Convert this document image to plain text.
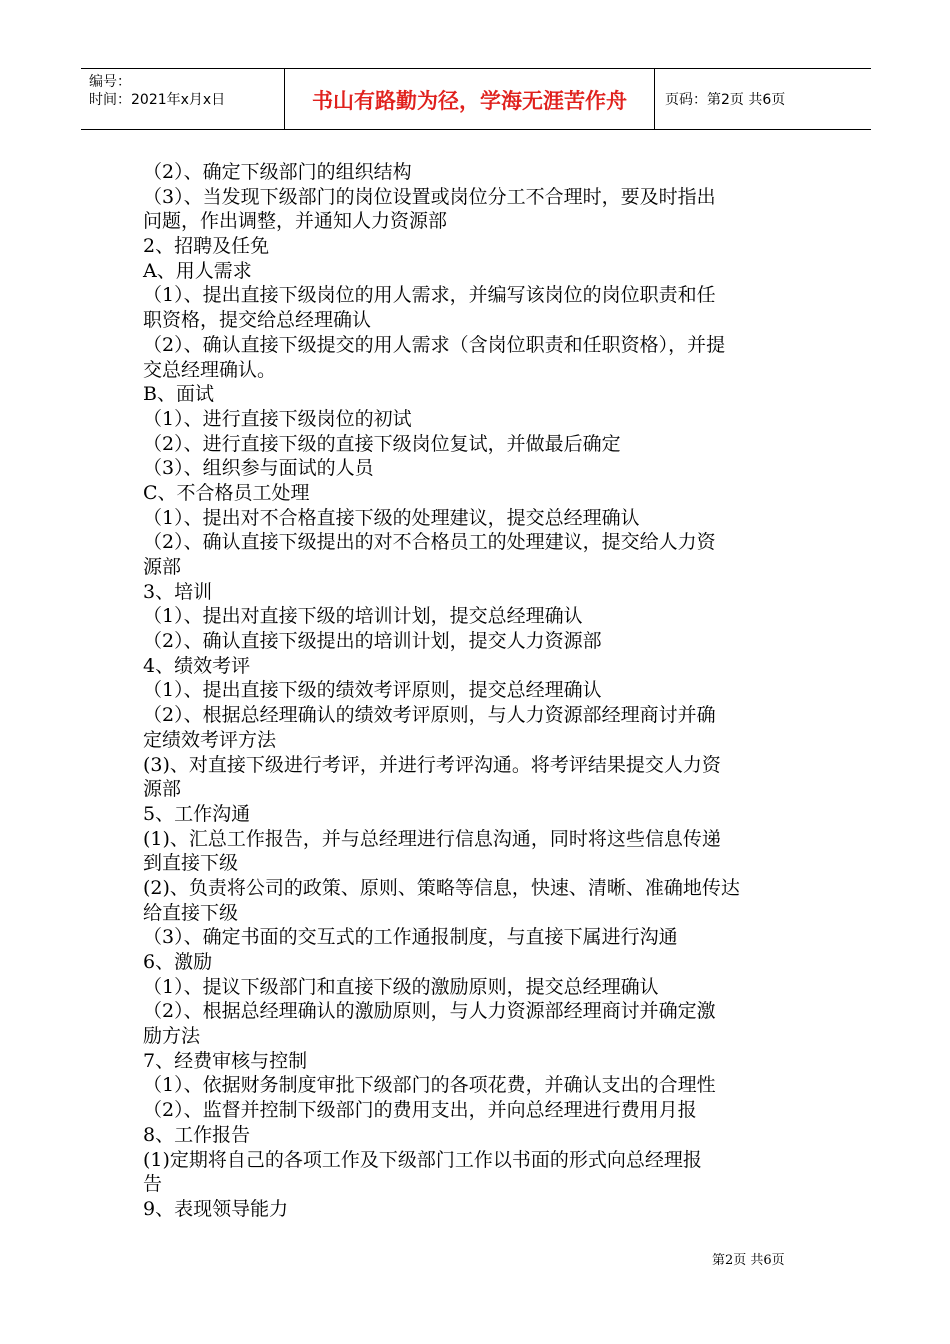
编号：
时间：2021年x月x日	书山有路勤为径，学海无涯苦作舟	页码：第2页 共6页
（2）、确定下级部门的组织结构
（3）、当发现下级部门的岗位设置或岗位分工不合理时，要及时指出
问题，作出调整，并通知人力资源部
2、招聘及任免
A、用人需求
（1）、提出直接下级岗位的用人需求，并编写该岗位的岗位职责和任
职资格，提交给总经理确认
（2）、确认直接下级提交的用人需求（含岗位职责和任职资格），并提
交总经理确认。
B、面试
（1）、进行直接下级岗位的初试
（2）、进行直接下级的直接下级岗位复试，并做最后确定
（3）、组织参与面试的人员
C、不合格员工处理
（1）、提出对不合格直接下级的处理建议，提交总经理确认
（2）、确认直接下级提出的对不合格员工的处理建议，提交给人力资
源部
3、培训
（1）、提出对直接下级的培训计划，提交总经理确认
（2）、确认直接下级提出的培训计划，提交人力资源部
4、绩效考评
（1）、提出直接下级的绩效考评原则，提交总经理确认
（2）、根据总经理确认的绩效考评原则，与人力资源部经理商讨并确
定绩效考评方法
(3)、对直接下级进行考评，并进行考评沟通。将考评结果提交人力资
源部
5、工作沟通
(1)、汇总工作报告，并与总经理进行信息沟通，同时将这些信息传递
到直接下级
(2)、负责将公司的政策、原则、策略等信息，快速、清晰、准确地传达
给直接下级
（3）、确定书面的交互式的工作通报制度，与直接下属进行沟通
6、激励
（1）、提议下级部门和直接下级的激励原则，提交总经理确认
（2）、根据总经理确认的激励原则，与人力资源部经理商讨并确定激
励方法
7、经费审核与控制
（1）、依据财务制度审批下级部门的各项花费，并确认支出的合理性
（2）、监督并控制下级部门的费用支出，并向总经理进行费用月报
8、工作报告
(1)定期将自己的各项工作及下级部门工作以书面的形式向总经理报
告
9、表现领导能力
第2页 共6页
